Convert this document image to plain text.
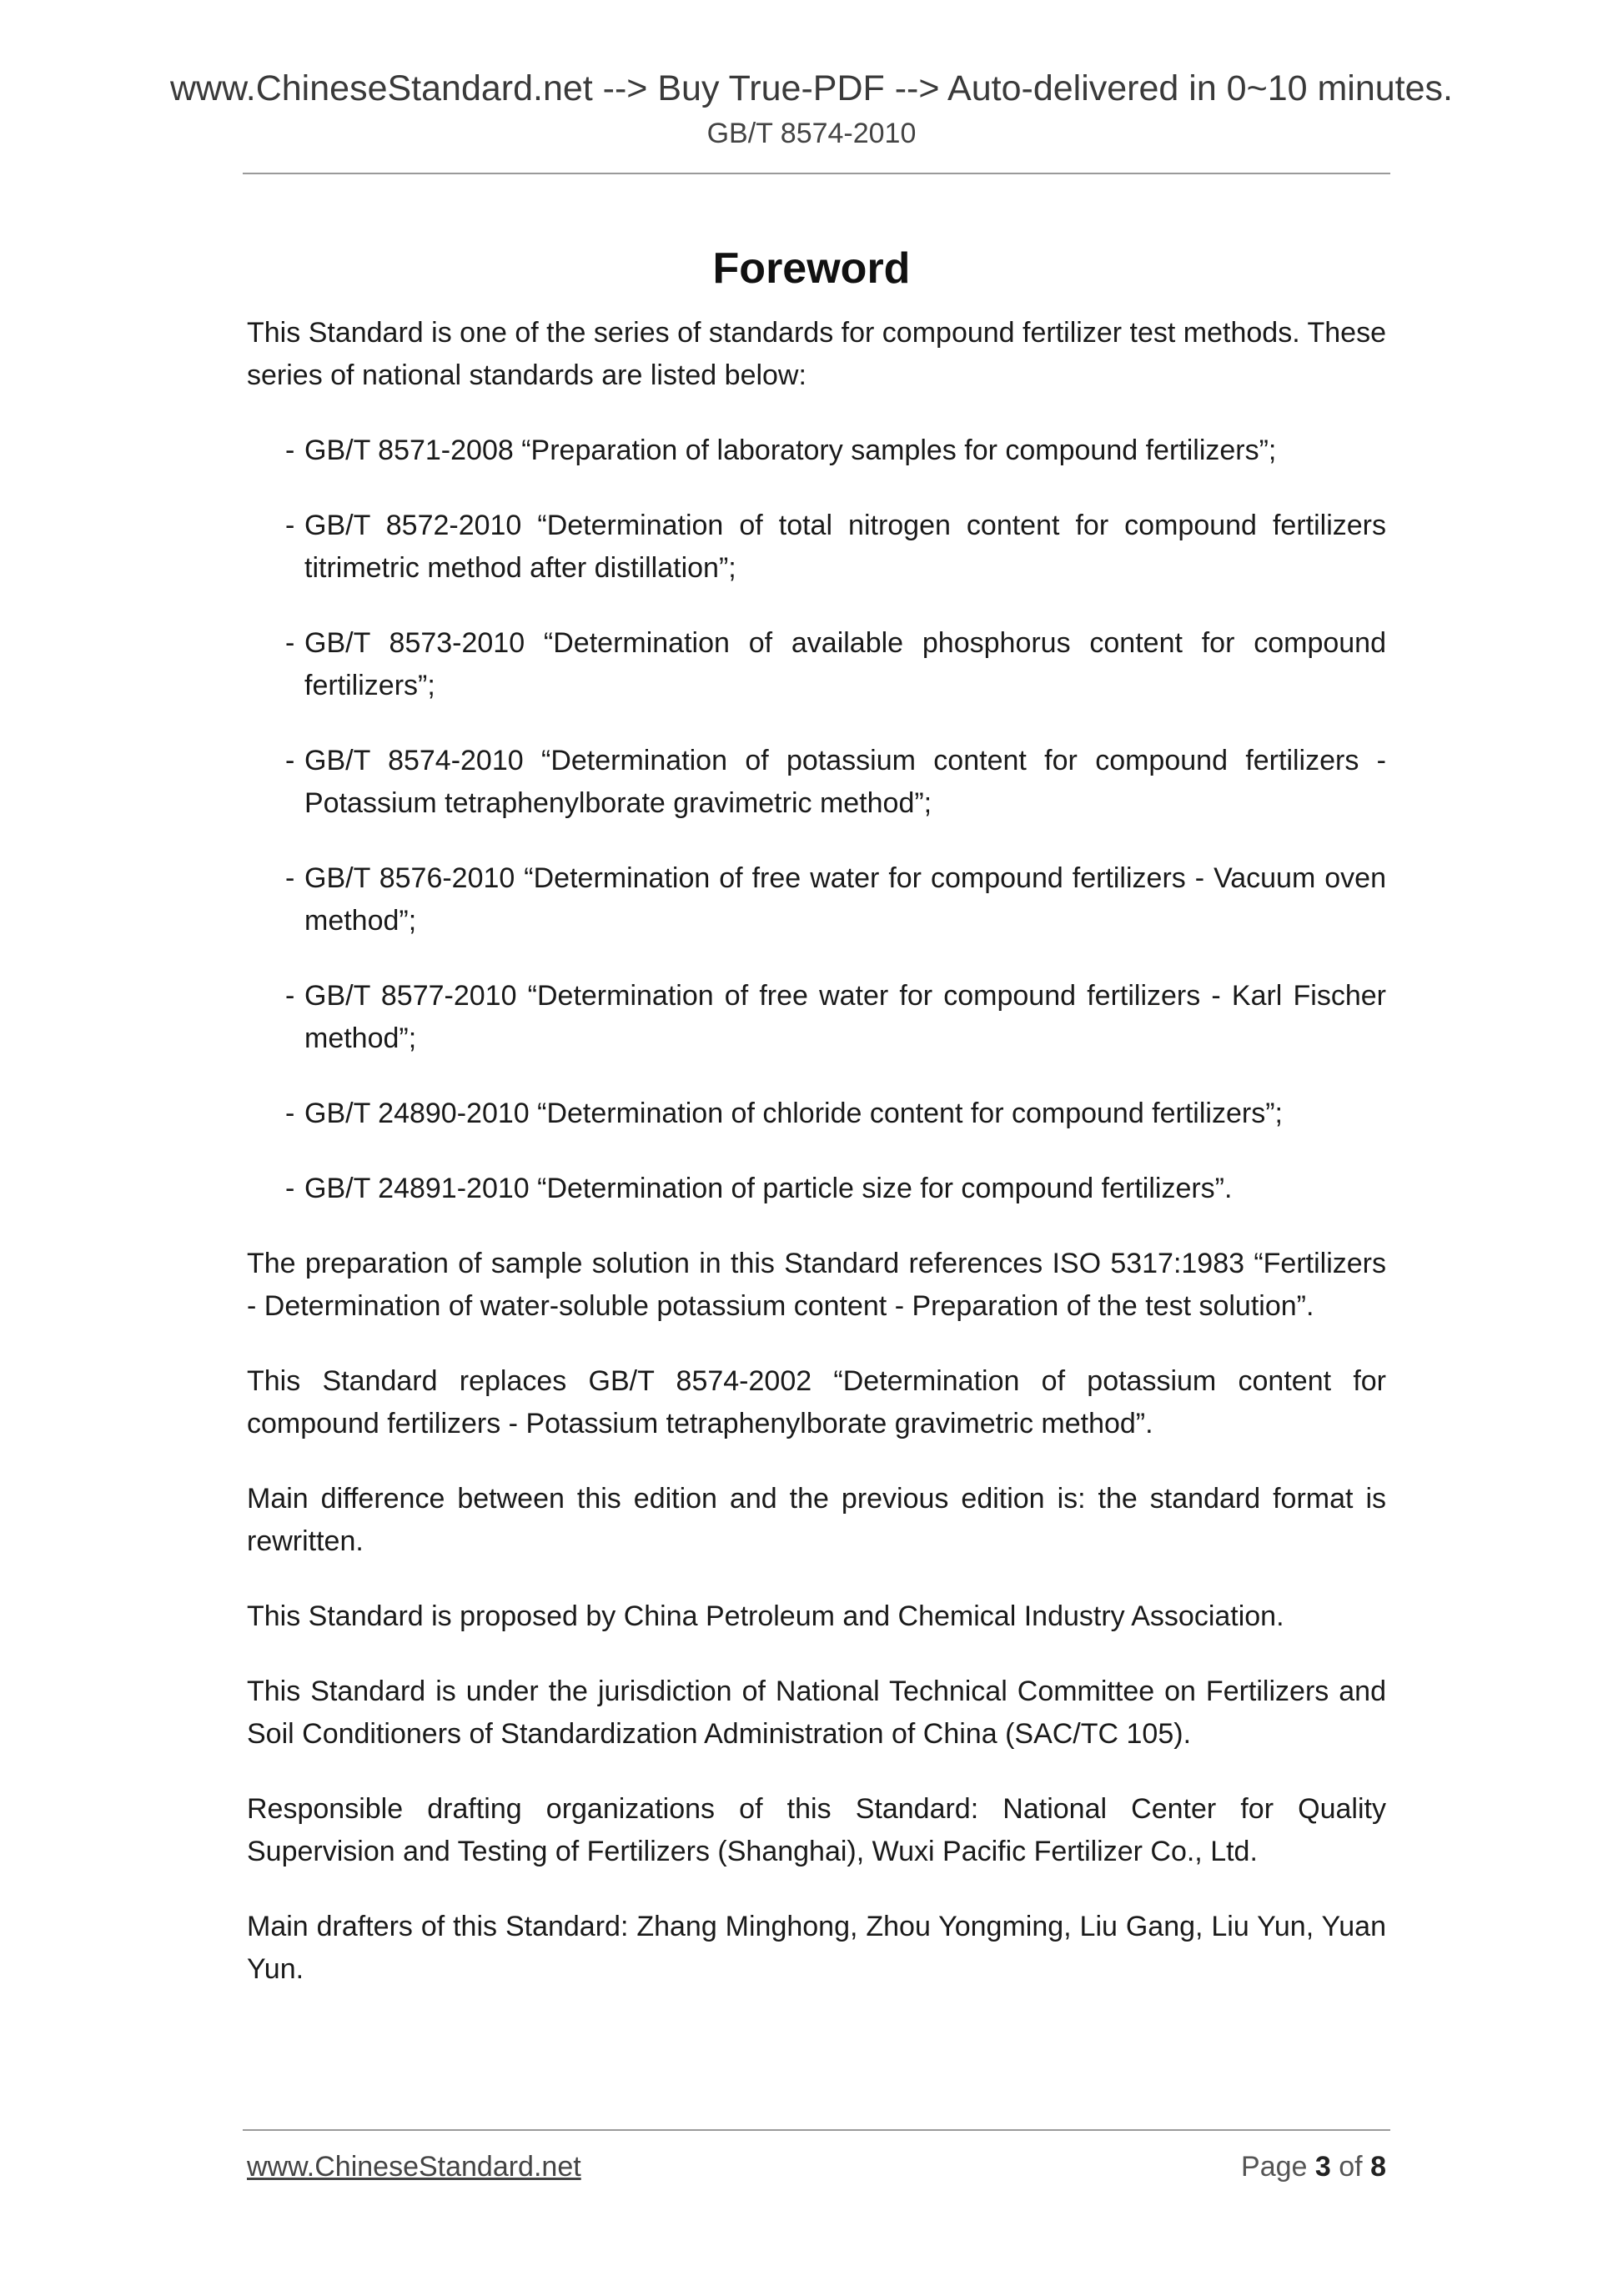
www.ChineseStandard.net --> Buy True-PDF --> Auto-delivered in 0~10 minutes.
GB/T 8574-2010
Foreword

This Standard is one of the series of standards for compound fertilizer test methods. These series of national standards are listed below:

- GB/T 8571-2008 “Preparation of laboratory samples for compound fertilizers”;
- GB/T 8572-2010 “Determination of total nitrogen content for compound fertilizers titrimetric method after distillation”;
- GB/T 8573-2010 “Determination of available phosphorus content for compound fertilizers”;
- GB/T 8574-2010 “Determination of potassium content for compound fertilizers - Potassium tetraphenylborate gravimetric method”;
- GB/T 8576-2010 “Determination of free water for compound fertilizers - Vacuum oven method”;
- GB/T 8577-2010 “Determination of free water for compound fertilizers - Karl Fischer method”;
- GB/T 24890-2010 “Determination of chloride content for compound fertilizers”;
- GB/T 24891-2010 “Determination of particle size for compound fertilizers”.

The preparation of sample solution in this Standard references ISO 5317:1983 “Fertilizers - Determination of water-soluble potassium content - Preparation of the test solution”.

This Standard replaces GB/T 8574-2002 “Determination of potassium content for compound fertilizers - Potassium tetraphenylborate gravimetric method”.

Main difference between this edition and the previous edition is: the standard format is rewritten.

This Standard is proposed by China Petroleum and Chemical Industry Association.

This Standard is under the jurisdiction of National Technical Committee on Fertilizers and Soil Conditioners of Standardization Administration of China (SAC/TC 105).

Responsible drafting organizations of this Standard: National Center for Quality Supervision and Testing of Fertilizers (Shanghai), Wuxi Pacific Fertilizer Co., Ltd.

Main drafters of this Standard: Zhang Minghong, Zhou Yongming, Liu Gang, Liu Yun, Yuan Yun.

www.ChineseStandard.net	Page 3 of 8
